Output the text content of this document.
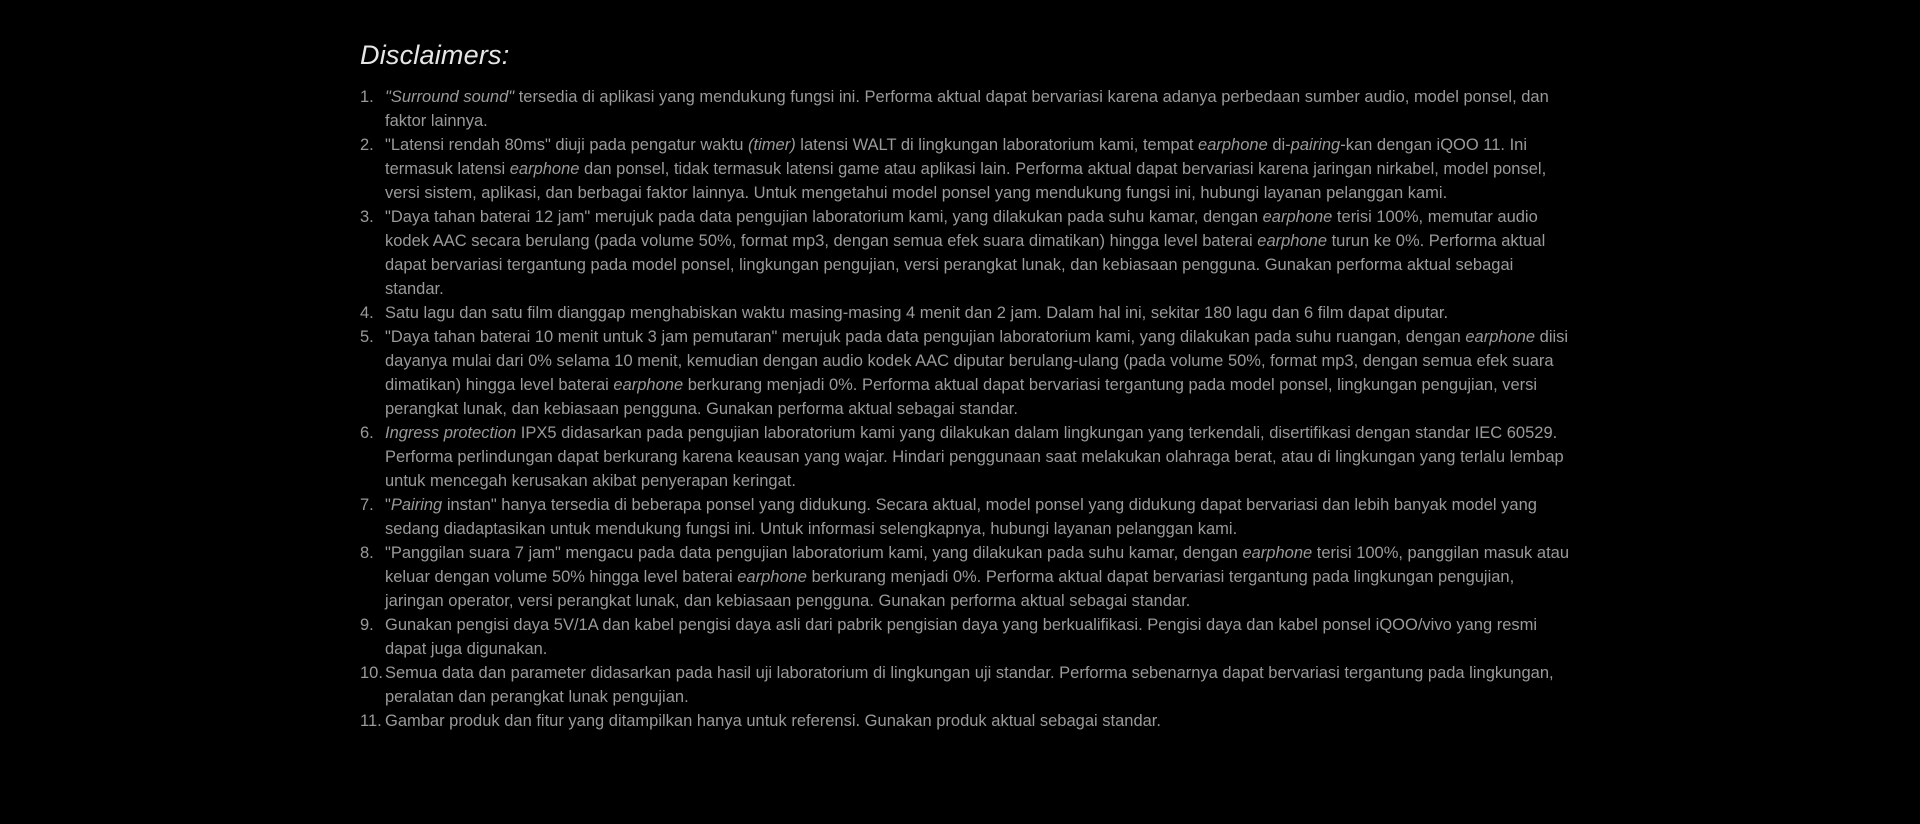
Disclaimers:
1. "Surround sound" tersedia di aplikasi yang mendukung fungsi ini. Performa aktual dapat bervariasi karena adanya perbedaan sumber audio, model ponsel, dan faktor lainnya.
2. "Latensi rendah 80ms" diuji pada pengatur waktu (timer) latensi WALT di lingkungan laboratorium kami, tempat earphone di-pairing-kan dengan iQOO 11. Ini termasuk latensi earphone dan ponsel, tidak termasuk latensi game atau aplikasi lain. Performa aktual dapat bervariasi karena jaringan nirkabel, model ponsel, versi sistem, aplikasi, dan berbagai faktor lainnya. Untuk mengetahui model ponsel yang mendukung fungsi ini, hubungi layanan pelanggan kami.
3. "Daya tahan baterai 12 jam" merujuk pada data pengujian laboratorium kami, yang dilakukan pada suhu kamar, dengan earphone terisi 100%, memutar audio kodek AAC secara berulang (pada volume 50%, format mp3, dengan semua efek suara dimatikan) hingga level baterai earphone turun ke 0%. Performa aktual dapat bervariasi tergantung pada model ponsel, lingkungan pengujian, versi perangkat lunak, dan kebiasaan pengguna. Gunakan performa aktual sebagai standar.
4. Satu lagu dan satu film dianggap menghabiskan waktu masing-masing 4 menit dan 2 jam. Dalam hal ini, sekitar 180 lagu dan 6 film dapat diputar.
5. "Daya tahan baterai 10 menit untuk 3 jam pemutaran" merujuk pada data pengujian laboratorium kami, yang dilakukan pada suhu ruangan, dengan earphone diisi dayanya mulai dari 0% selama 10 menit, kemudian dengan audio kodek AAC diputar berulang-ulang (pada volume 50%, format mp3, dengan semua efek suara dimatikan) hingga level baterai earphone berkurang menjadi 0%. Performa aktual dapat bervariasi tergantung pada model ponsel, lingkungan pengujian, versi perangkat lunak, dan kebiasaan pengguna. Gunakan performa aktual sebagai standar.
6. Ingress protection IPX5 didasarkan pada pengujian laboratorium kami yang dilakukan dalam lingkungan yang terkendali, disertifikasi dengan standar IEC 60529. Performa perlindungan dapat berkurang karena keausan yang wajar. Hindari penggunaan saat melakukan olahraga berat, atau di lingkungan yang terlalu lembap untuk mencegah kerusakan akibat penyerapan keringat.
7. "Pairing instan" hanya tersedia di beberapa ponsel yang didukung. Secara aktual, model ponsel yang didukung dapat bervariasi dan lebih banyak model yang sedang diadaptasikan untuk mendukung fungsi ini. Untuk informasi selengkapnya, hubungi layanan pelanggan kami.
8. "Panggilan suara 7 jam" mengacu pada data pengujian laboratorium kami, yang dilakukan pada suhu kamar, dengan earphone terisi 100%, panggilan masuk atau keluar dengan volume 50% hingga level baterai earphone berkurang menjadi 0%. Performa aktual dapat bervariasi tergantung pada lingkungan pengujian, jaringan operator, versi perangkat lunak, dan kebiasaan pengguna. Gunakan performa aktual sebagai standar.
9. Gunakan pengisi daya 5V/1A dan kabel pengisi daya asli dari pabrik pengisian daya yang berkualifikasi. Pengisi daya dan kabel ponsel iQOO/vivo yang resmi dapat juga digunakan.
10. Semua data dan parameter didasarkan pada hasil uji laboratorium di lingkungan uji standar. Performa sebenarnya dapat bervariasi tergantung pada lingkungan, peralatan dan perangkat lunak pengujian.
11. Gambar produk dan fitur yang ditampilkan hanya untuk referensi. Gunakan produk aktual sebagai standar.
